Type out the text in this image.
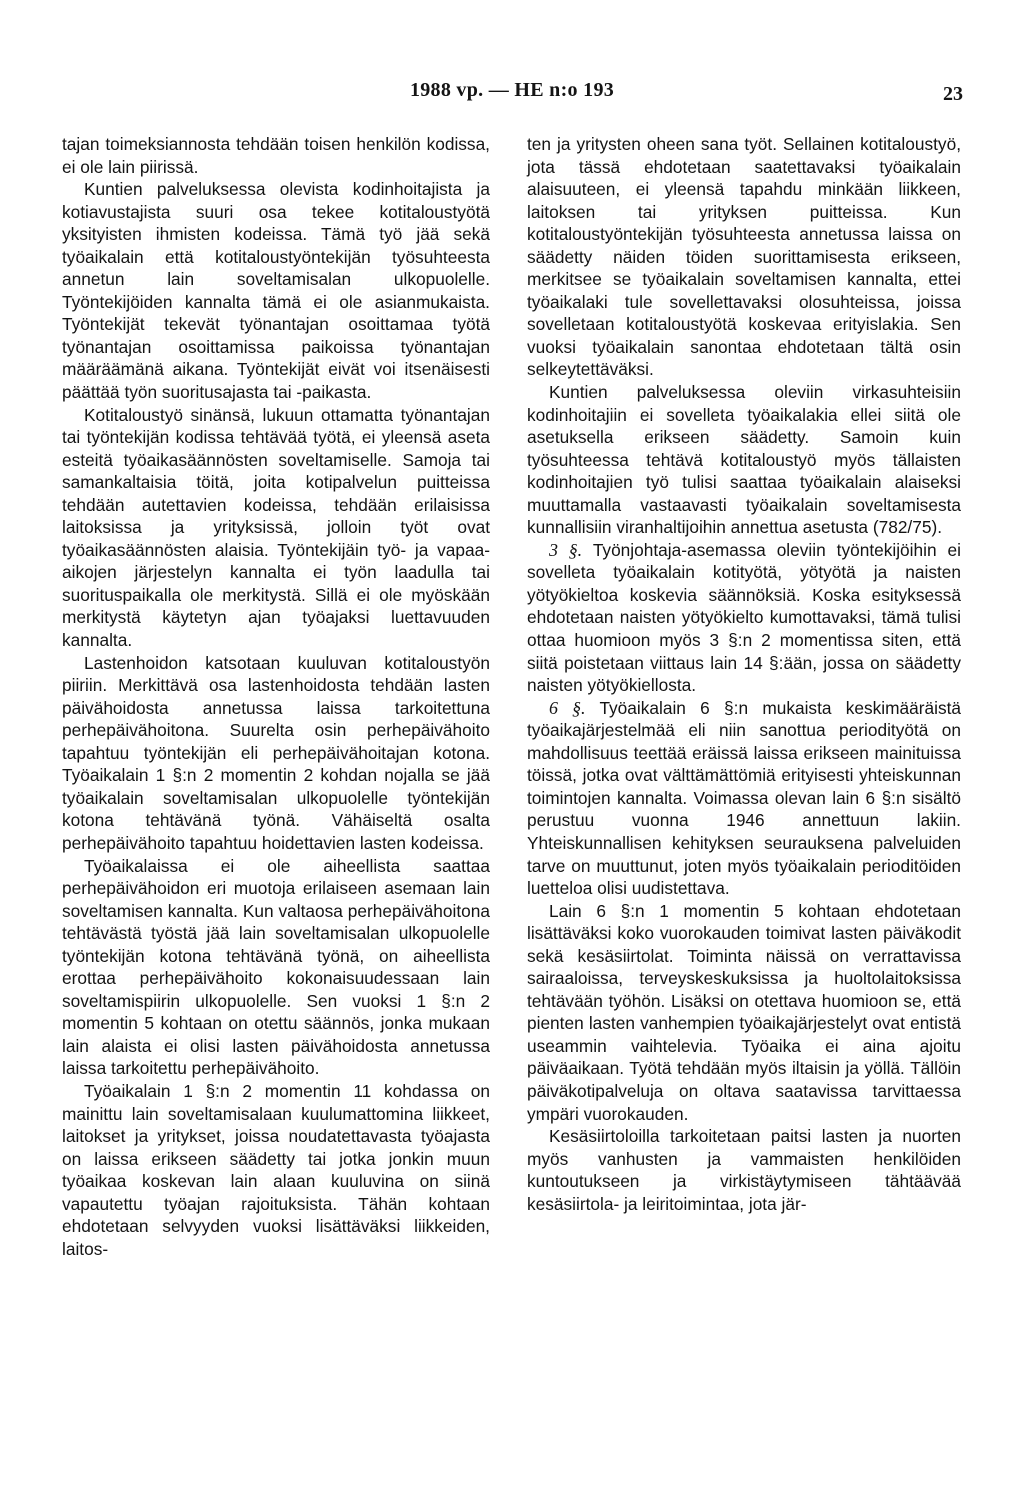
1988 vp. — HE n:o 193	23

tajan toimeksiannosta tehdään toisen henkilön kodissa, ei ole lain piirissä.

Kuntien palveluksessa olevista kodinhoitajista ja kotiavustajista suuri osa tekee kotitaloustyötä yksityisten ihmisten kodeissa. Tämä työ jää sekä työaikalain että kotitaloustyöntekijän työsuhteesta annetun lain soveltamisalan ulkopuolelle. Työntekijöiden kannalta tämä ei ole asianmukaista. Työntekijät tekevät työnantajan osoittamaa työtä työnantajan osoittamissa paikoissa työnantajan määräämänä aikana. Työntekijät eivät voi itsenäisesti päättää työn suoritusajasta tai -paikasta.

Kotitaloustyö sinänsä, lukuun ottamatta työnantajan tai työntekijän kodissa tehtävää työtä, ei yleensä aseta esteitä työaikasäännösten soveltamiselle. Samoja tai samankaltaisia töitä, joita kotipalvelun puitteissa tehdään autettavien kodeissa, tehdään erilaisissa laitoksissa ja yrityksissä, jolloin työt ovat työaikasäännösten alaisia. Työntekijäin työ- ja vapaa-aikojen järjestelyn kannalta ei työn laadulla tai suorituspaikalla ole merkitystä. Sillä ei ole myöskään merkitystä käytetyn ajan työajaksi luettavuuden kannalta.

Lastenhoidon katsotaan kuuluvan kotitaloustyön piiriin. Merkittävä osa lastenhoidosta tehdään lasten päivähoidosta annetussa laissa tarkoitettuna perhepäivähoitona. Suurelta osin perhepäivähoito tapahtuu työntekijän eli perhepäivähoitajan kotona. Työaikalain 1 §:n 2 momentin 2 kohdan nojalla se jää työaikalain soveltamisalan ulkopuolelle työntekijän kotona tehtävänä työnä. Vähäiseltä osalta perhepäivähoito tapahtuu hoidettavien lasten kodeissa.

Työaikalaissa ei ole aiheellista saattaa perhepäivähoidon eri muotoja erilaiseen asemaan lain soveltamisen kannalta. Kun valtaosa perhepäivähoitona tehtävästä työstä jää lain soveltamisalan ulkopuolelle työntekijän kotona tehtävänä työnä, on aiheellista erottaa perhepäivähoito kokonaisuudessaan lain soveltamispiirin ulkopuolelle. Sen vuoksi 1 §:n 2 momentin 5 kohtaan on otettu säännös, jonka mukaan lain alaista ei olisi lasten päivähoidosta annetussa laissa tarkoitettu perhepäivähoito.

Työaikalain 1 §:n 2 momentin 11 kohdassa on mainittu lain soveltamisalaan kuulumattomina liikkeet, laitokset ja yritykset, joissa noudatettavasta työajasta on laissa erikseen säädetty tai jotka jonkin muun työaikaa koskevan lain alaan kuuluvina on siinä vapautettu työajan rajoituksista. Tähän kohtaan ehdotetaan selvyyden vuoksi lisättäväksi liikkeiden, laitos-

ten ja yritysten oheen sana työt. Sellainen kotitaloustyö, jota tässä ehdotetaan saatettavaksi työaikalain alaisuuteen, ei yleensä tapahdu minkään liikkeen, laitoksen tai yrityksen puitteissa. Kun kotitaloustyöntekijän työsuhteesta annetussa laissa on säädetty näiden töiden suorittamisesta erikseen, merkitsee se työaikalain soveltamisen kannalta, ettei työaikalaki tule sovellettavaksi olosuhteissa, joissa sovelletaan kotitaloustyötä koskevaa erityislakia. Sen vuoksi työaikalain sanontaa ehdotetaan tältä osin selkeytettäväksi.

Kuntien palveluksessa oleviin virkasuhteisiin kodinhoitajiin ei sovelleta työaikalakia ellei siitä ole asetuksella erikseen säädetty. Samoin kuin työsuhteessa tehtävä kotitaloustyö myös tällaisten kodinhoitajien työ tulisi saattaa työaikalain alaiseksi muuttamalla vastaavasti työaikalain soveltamisesta kunnallisiin viranhaltijoihin annettua asetusta (782/75).

3 §. Työnjohtaja-asemassa oleviin työntekijöihin ei sovelleta työaikalain kotityötä, yötyötä ja naisten yötyökieltoa koskevia säännöksiä. Koska esityksessä ehdotetaan naisten yötyökielto kumottavaksi, tämä tulisi ottaa huomioon myös 3 §:n 2 momentissa siten, että siitä poistetaan viittaus lain 14 §:ään, jossa on säädetty naisten yötyökiellosta.

6 §. Työaikalain 6 §:n mukaista keskimääräistä työaikajärjestelmää eli niin sanottua periodityötä on mahdollisuus teettää eräissä laissa erikseen mainituissa töissä, jotka ovat välttämättömiä erityisesti yhteiskunnan toimintojen kannalta. Voimassa olevan lain 6 §:n sisältö perustuu vuonna 1946 annettuun lakiin. Yhteiskunnallisen kehityksen seurauksena palveluiden tarve on muuttunut, joten myös työaikalain perioditöiden luetteloa olisi uudistettava.

Lain 6 §:n 1 momentin 5 kohtaan ehdotetaan lisättäväksi koko vuorokauden toimivat lasten päiväkodit sekä kesäsiirtolat. Toiminta näissä on verrattavissa sairaaloissa, terveyskeskuksissa ja huoltolaitoksissa tehtävään työhön. Lisäksi on otettava huomioon se, että pienten lasten vanhempien työaikajärjestelyt ovat entistä useammin vaihtelevia. Työaika ei aina ajoitu päiväaikaan. Työtä tehdään myös iltaisin ja yöllä. Tällöin päiväkotipalveluja on oltava saatavissa tarvittaessa ympäri vuorokauden.

Kesäsiirtoloilla tarkoitetaan paitsi lasten ja nuorten myös vanhusten ja vammaisten henkilöiden kuntoutukseen ja virkistäytymiseen tähtäävää kesäsiirtola- ja leiritoimintaa, jota jär-
